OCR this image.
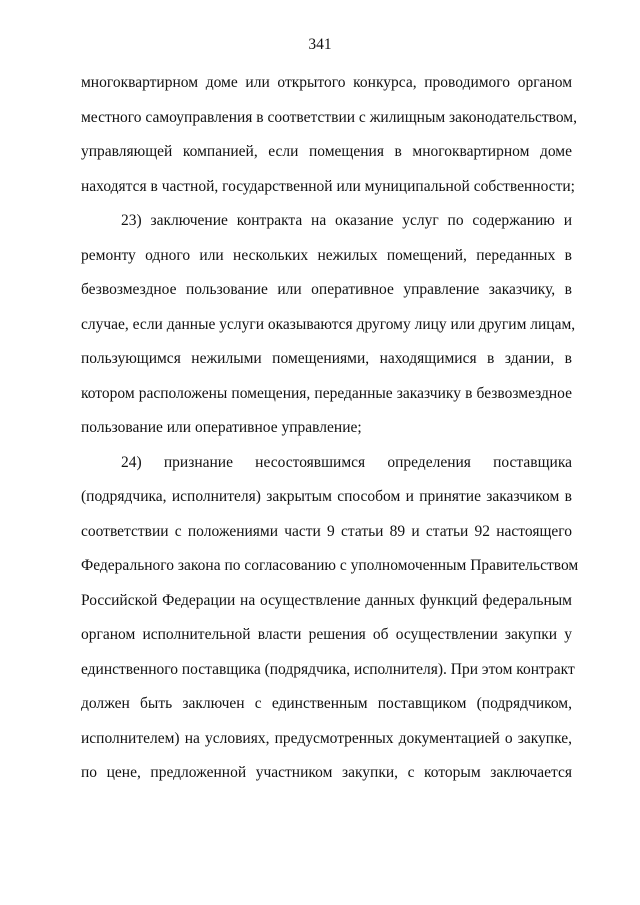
341
многоквартирном доме или открытого конкурса, проводимого органом
местного самоуправления в соответствии с жилищным законодательством,
управляющей компанией, если помещения в многоквартирном доме
находятся в частной, государственной или муниципальной собственности;
23) заключение контракта на оказание услуг по содержанию и
ремонту одного или нескольких нежилых помещений, переданных в
безвозмездное пользование или оперативное управление заказчику, в
случае, если данные услуги оказываются другому лицу или другим лицам,
пользующимся нежилыми помещениями, находящимися в здании, в
котором расположены помещения, переданные заказчику в безвозмездное
пользование или оперативное управление;
24) признание несостоявшимся определения поставщика
(подрядчика, исполнителя) закрытым способом и принятие заказчиком в
соответствии с положениями части 9 статьи 89 и статьи 92 настоящего
Федерального закона по согласованию с уполномоченным Правительством
Российской Федерации на осуществление данных функций федеральным
органом исполнительной власти решения об осуществлении закупки у
единственного поставщика (подрядчика, исполнителя). При этом контракт
должен быть заключен с единственным поставщиком (подрядчиком,
исполнителем) на условиях, предусмотренных документацией о закупке,
по цене, предложенной участником закупки, с которым заключается
